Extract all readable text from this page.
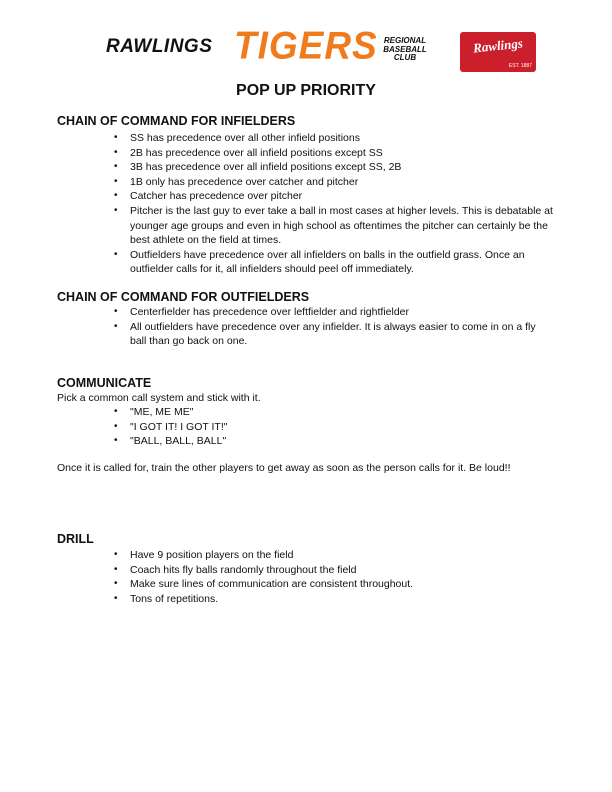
RAWLINGS TIGERS REGIONAL
BASEBALL
CLUB
Rawlings
EST. 1887
POP UP PRIORITY

CHAIN OF COMMAND FOR INFIELDERS

• SS has precedence over all other infield positions
• 2B has precedence over all infield positions except SS
• 3B has precedence over all infield positions except SS, 2B
• 1B only has precedence over catcher and pitcher
• Catcher has precedence over pitcher
• Pitcher is the last guy to ever take a ball in most cases at higher levels. This is debatable at younger age groups and even in high school as oftentimes the pitcher can certainly be the best athlete on the field at times.
• Outfielders have precedence over all infielders on balls in the outfield grass. Once an outfielder calls for it, all infielders should peel off immediately.

CHAIN OF COMMAND FOR OUTFIELDERS

• Centerfielder has precedence over leftfielder and rightfielder
• All outfielders have precedence over any infielder. It is always easier to come in on a fly ball than go back on one.

COMMUNICATE

Pick a common call system and stick with it.

• "ME, ME ME"
• "I GOT IT! I GOT IT!"
• "BALL, BALL, BALL"

Once it is called for, train the other players to get away as soon as the person calls for it. Be loud!!

DRILL

• Have 9 position players on the field
• Coach hits fly balls randomly throughout the field
• Make sure lines of communication are consistent throughout.
• Tons of repetitions.
